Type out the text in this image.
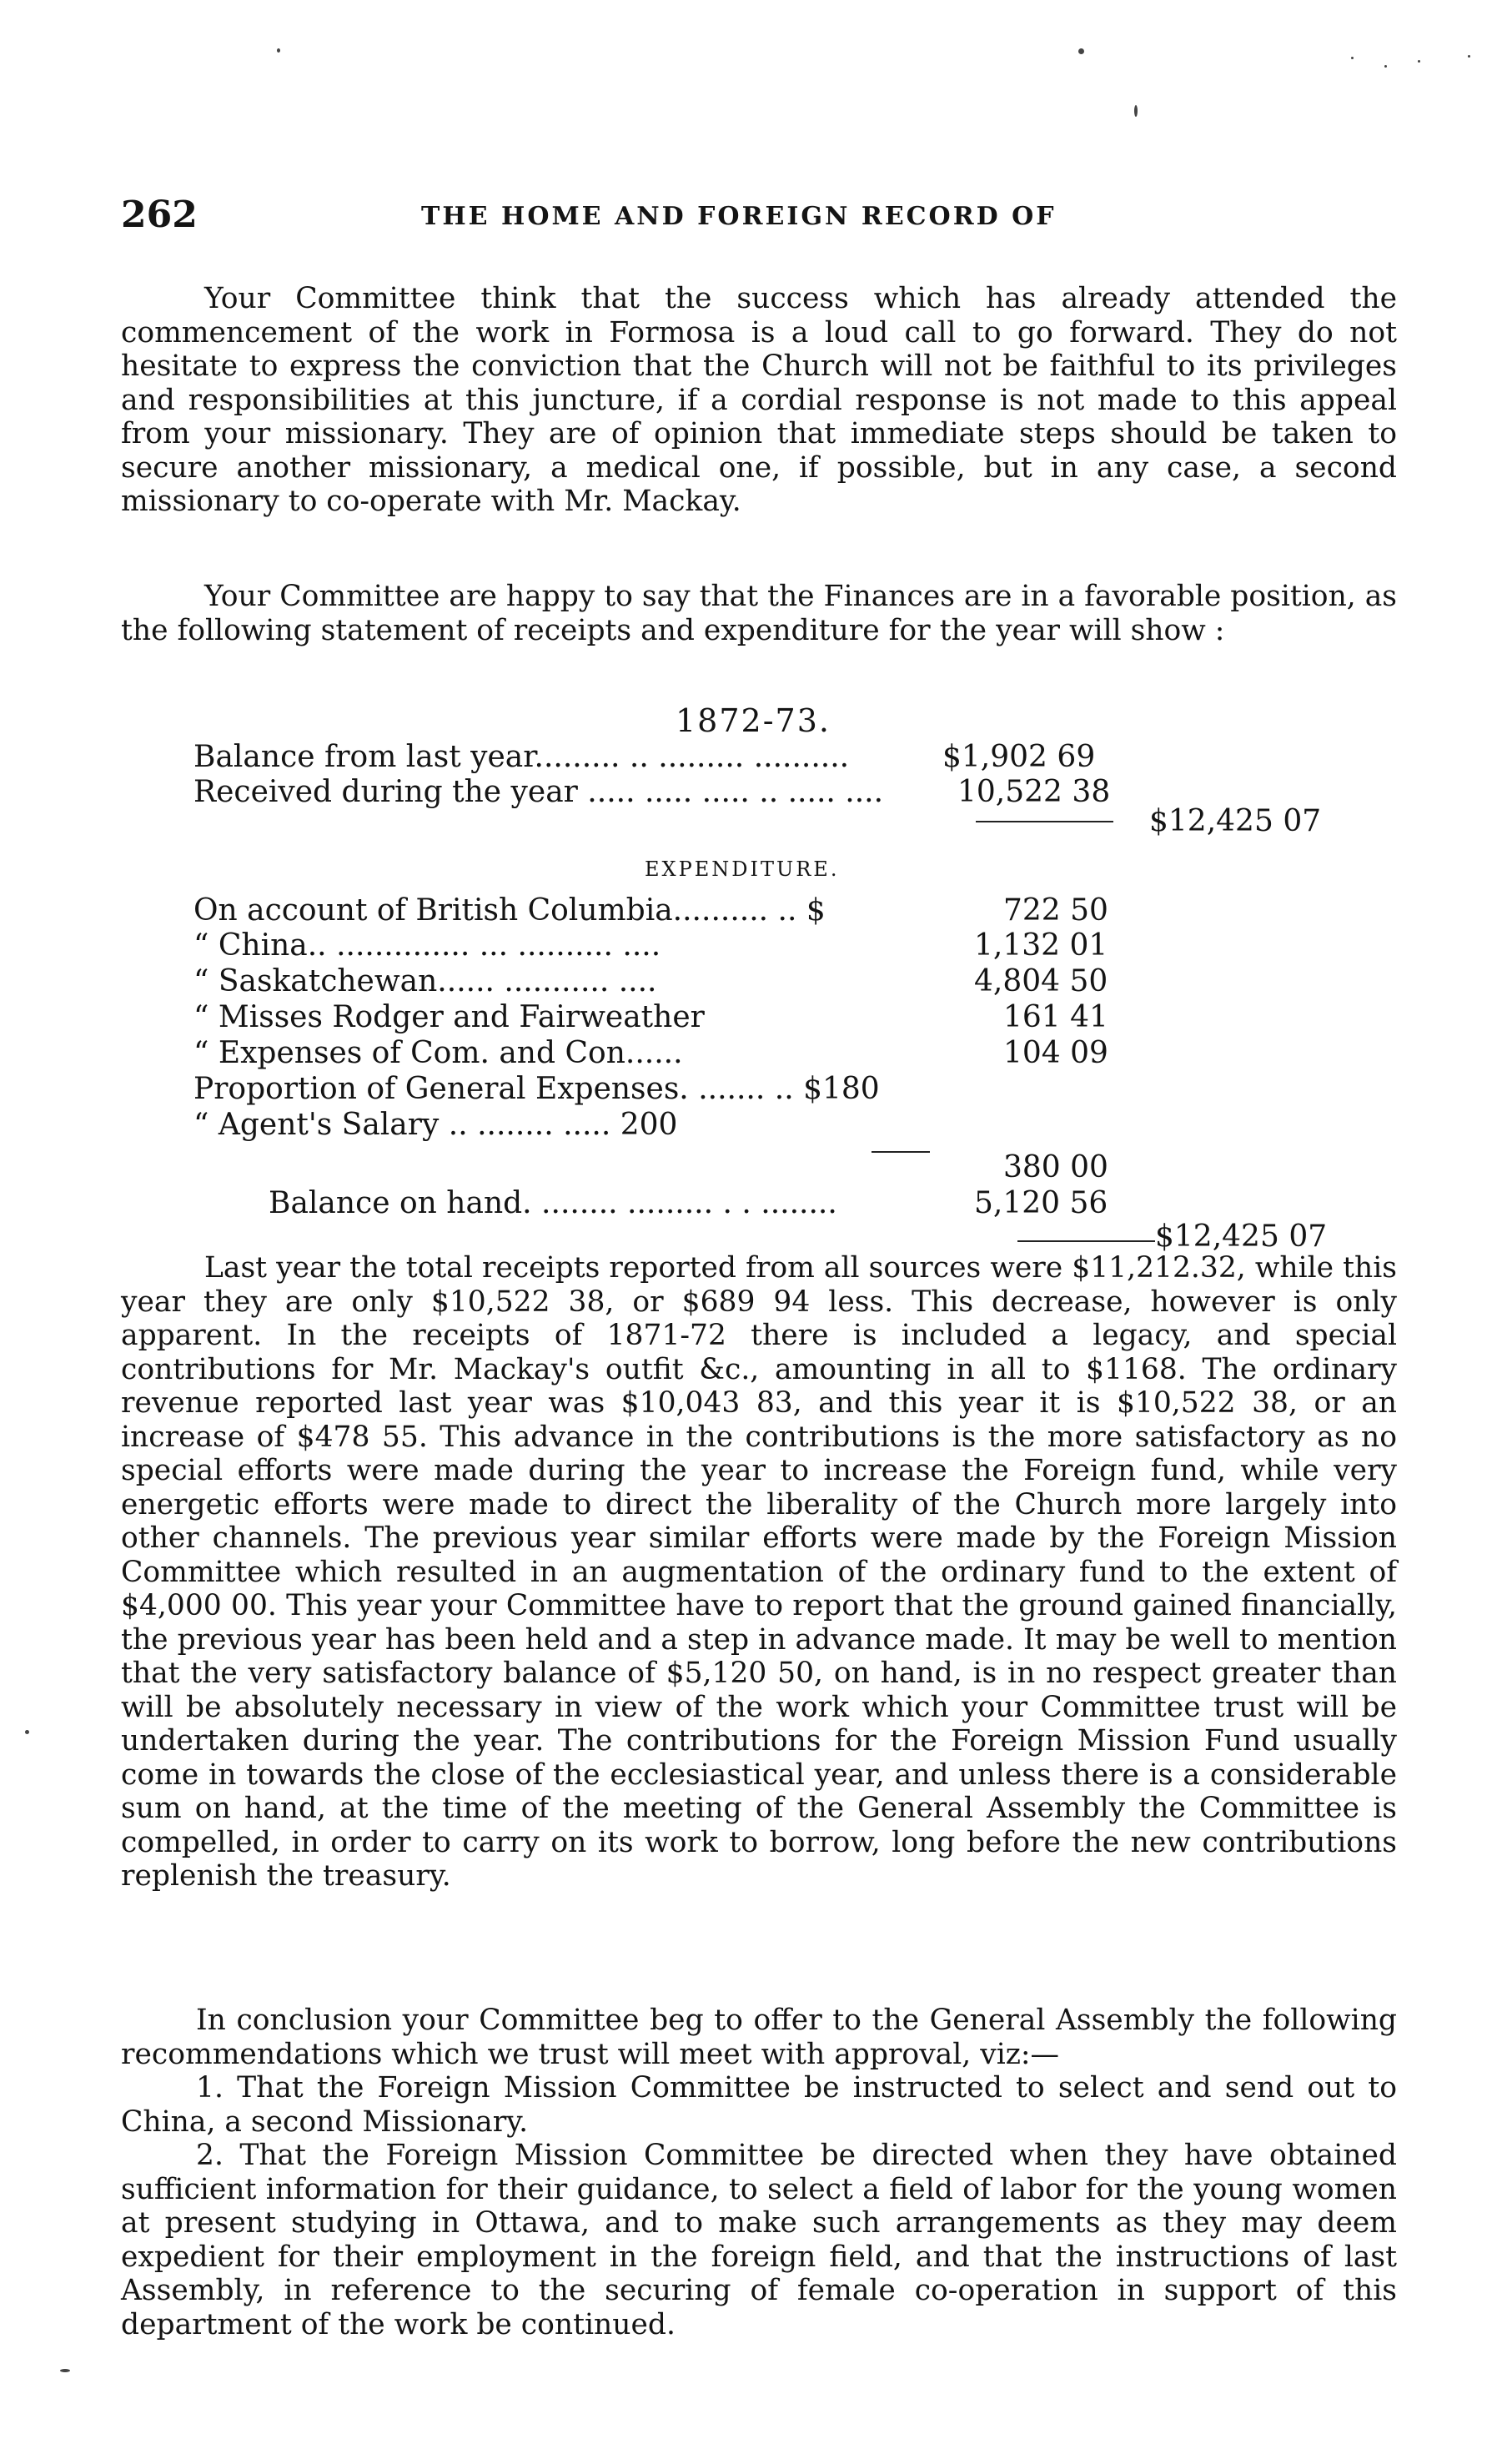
262	THE HOME AND FOREIGN RECORD OF

Your Committee think that the success which has already attended the commencement of the work in Formosa is a loud call to go forward. They do not hesitate to express the conviction that the Church will not be faithful to its privileges and responsibilities at this juncture, if a cordial response is not made to this appeal from your missionary. They are of opinion that immediate steps should be taken to secure another missionary, a medical one, if possible, but in any case, a second missionary to co-operate with Mr. Mackay.

Your Committee are happy to say that the Finances are in a favorable position, as the following statement of receipts and expenditure for the year will show :

1872-73.
Balance from last year......... .. ......... ..........	$1,902 69
Received during the year ..... ..... ..... .. ..... .... 10,522 38
$12,425 07
EXPENDITURE.
On account of British Columbia.......... .. $	722 50
“ China.. .............. ... .......... ....	1,132 01
“ Saskatchewan...... ........... ....	4,804 50
“ Misses Rodger and Fairweather	161 41
“ Expenses of Com. and Con......	104 09
Proportion of General Expenses. ....... .. $180
“ Agent's Salary .. ........ ..... 200
380 00
Balance on hand. ........ ......... . . ........	5,120 56
$12,425 07

Last year the total receipts reported from all sources were $11,212.32, while this year they are only $10,522 38, or $689 94 less. This decrease, however is only apparent. In the receipts of 1871-72 there is included a legacy, and special contributions for Mr. Mackay's outfit &c., amounting in all to $1168. The ordinary revenue reported last year was $10,043 83, and this year it is $10,522 38, or an increase of $478 55. This advance in the contributions is the more satisfactory as no special efforts were made during the year to increase the Foreign fund, while very energetic efforts were made to direct the liberality of the Church more largely into other channels. The previous year similar efforts were made by the Foreign Mission Committee which resulted in an augmentation of the ordinary fund to the extent of $4,000 00. This year your Committee have to report that the ground gained financially, the previous year has been held and a step in advance made. It may be well to mention that the very satisfactory balance of $5,120 50, on hand, is in no respect greater than will be absolutely necessary in view of the work which your Committee trust will be undertaken during the year. The contributions for the Foreign Mission Fund usually come in towards the close of the ecclesiastical year, and unless there is a considerable sum on hand, at the time of the meeting of the General Assembly the Committee is compelled, in order to carry on its work to borrow, long before the new contributions replenish the treasury.

In conclusion your Committee beg to offer to the General Assembly the following recommendations which we trust will meet with approval, viz:—

1. That the Foreign Mission Committee be instructed to select and send out to China, a second Missionary.

2. That the Foreign Mission Committee be directed when they have obtained sufficient information for their guidance, to select a field of labor for the young women at present studying in Ottawa, and to make such arrangements as they may deem expedient for their employment in the foreign field, and that the instructions of last Assembly, in reference to the securing of female co-operation in support of this department of the work be continued.
